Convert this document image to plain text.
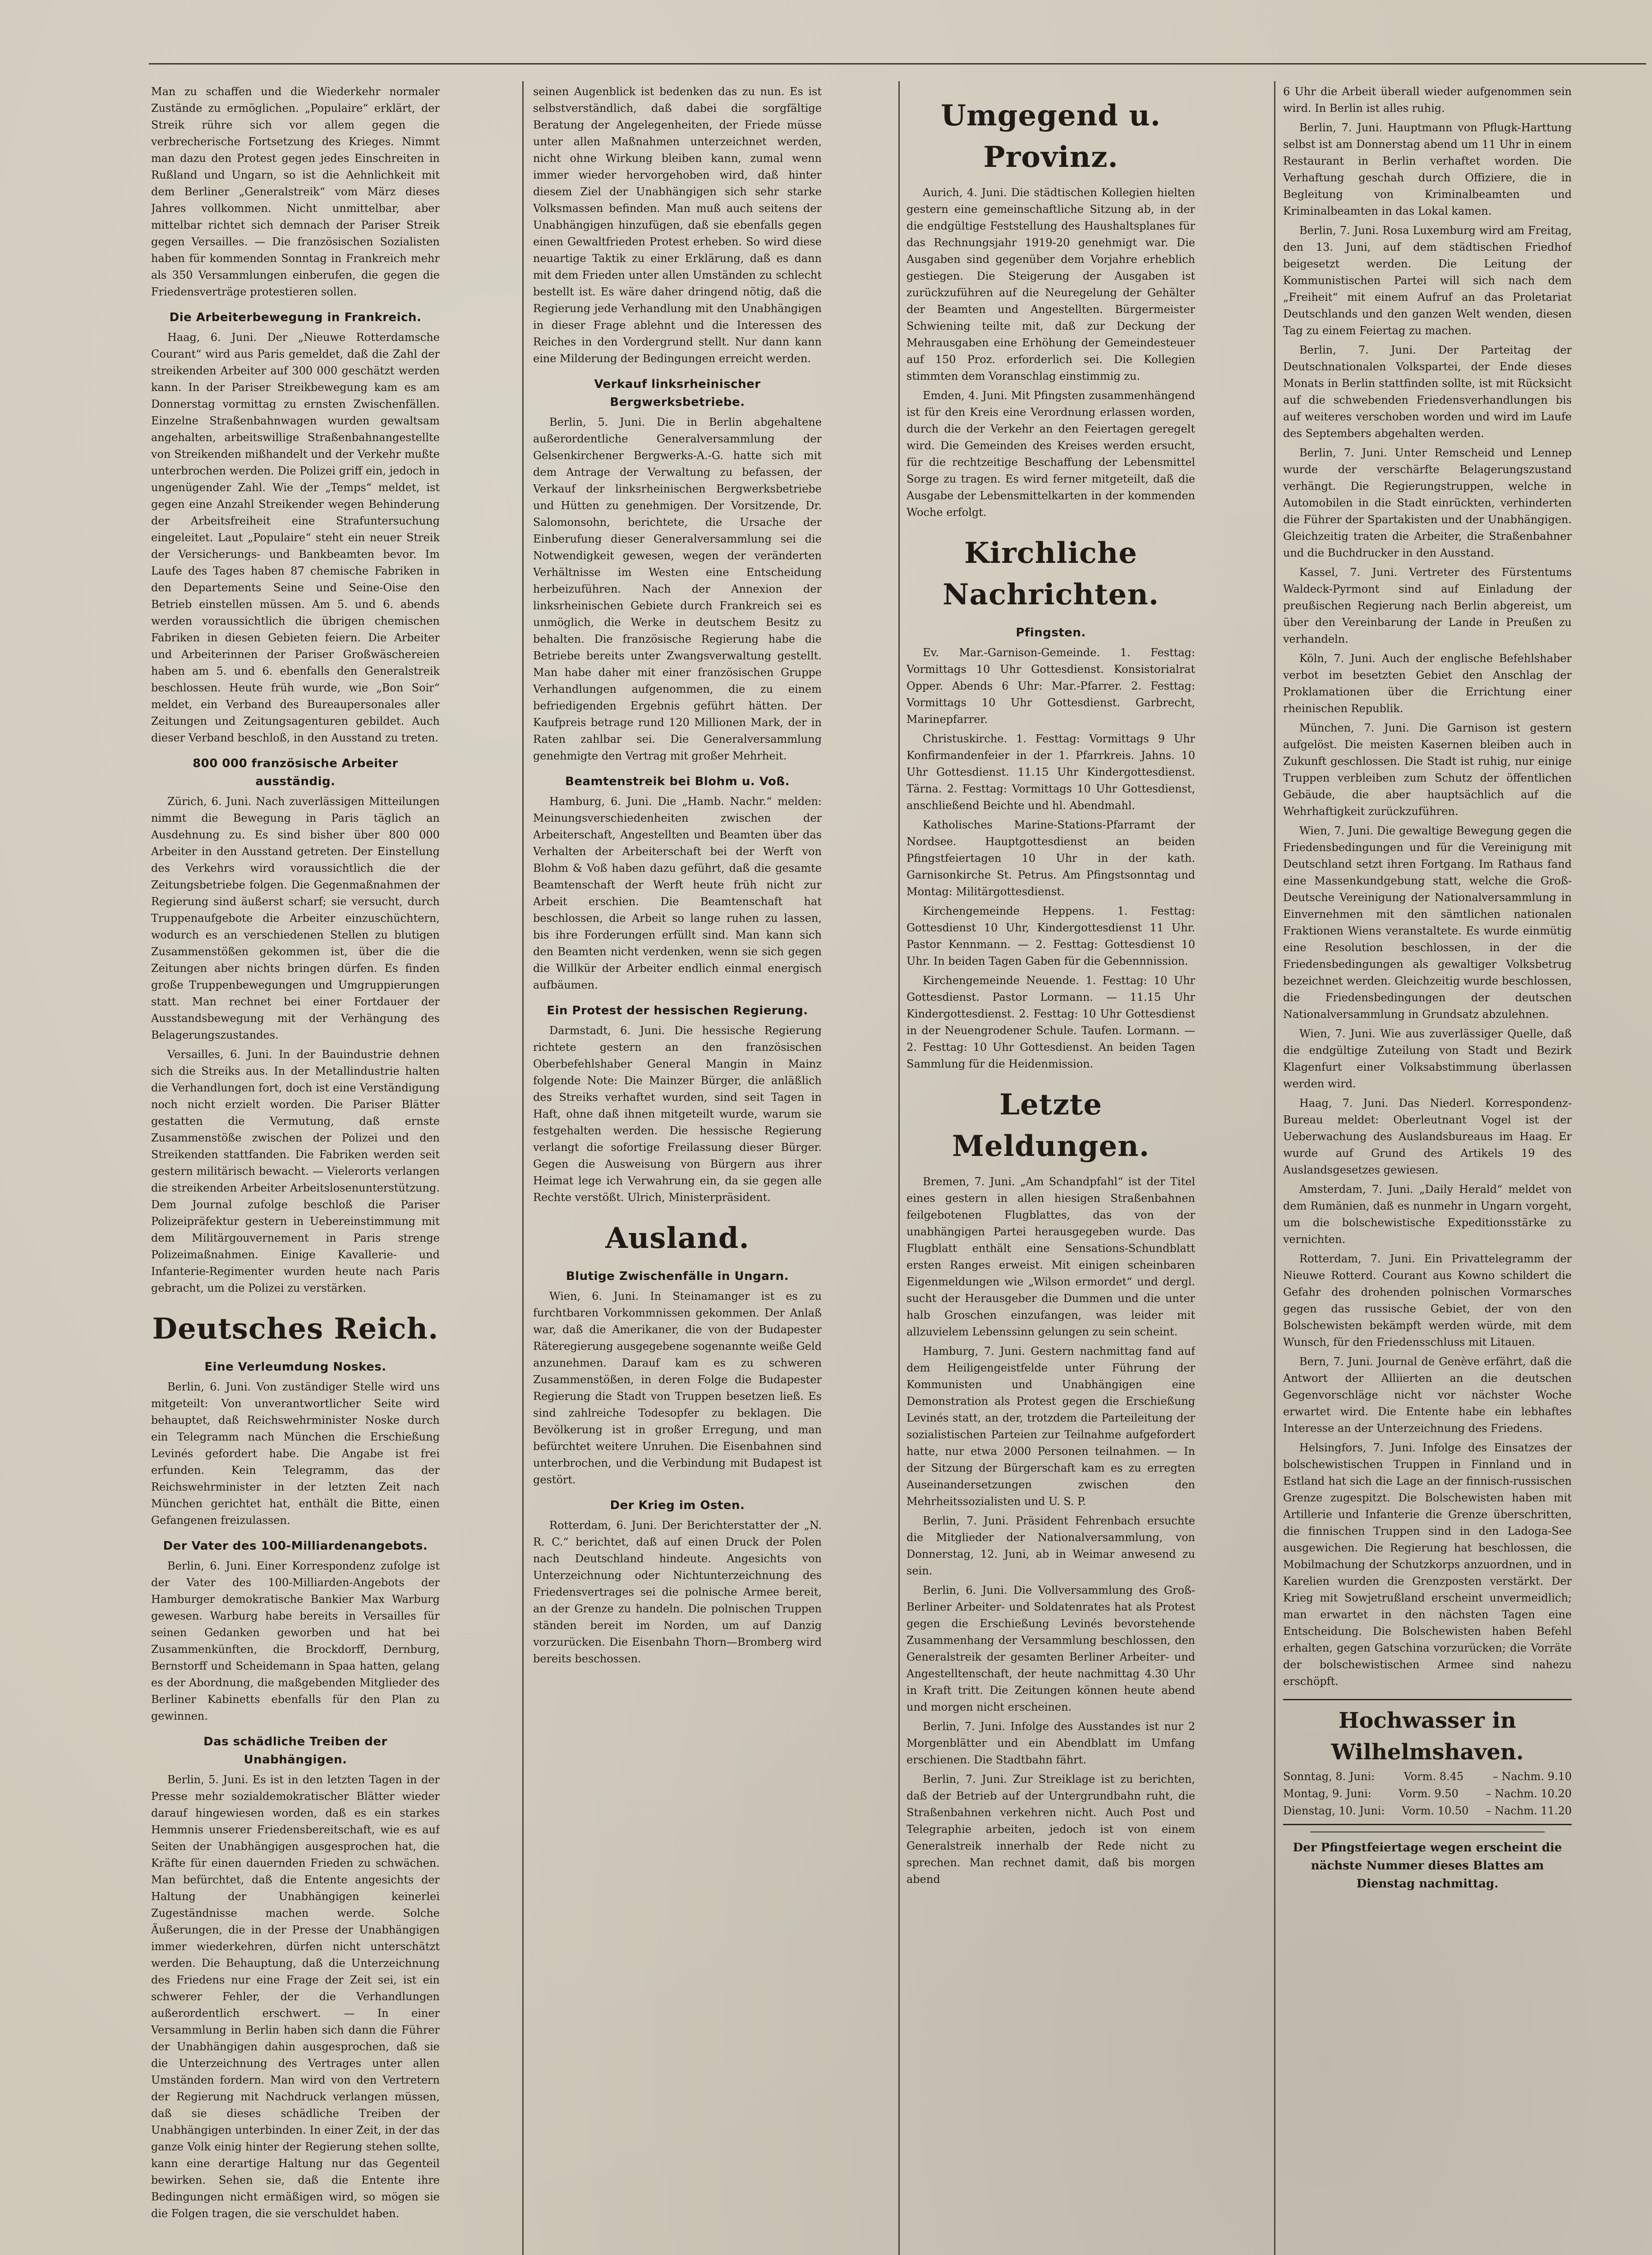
Man zu schaffen und die Wiederkehr normaler Zustände zu ermöglichen. „Populaire“ erklärt, der Streik rühre sich vor allem gegen die verbrecherische Fortsetzung des Krieges. Nimmt man dazu den Protest gegen jedes Einschreiten in Rußland und Ungarn, so ist die Aehnlichkeit mit dem Berliner „Generalstreik“ vom März dieses Jahres vollkommen. Nicht unmittelbar, aber mittelbar richtet sich demnach der Pariser Streik gegen Versailles. — Die französischen Sozialisten haben für kommenden Sonntag in Frankreich mehr als 350 Versammlungen einberufen, die gegen die Friedensverträge protestieren sollen.

Die Arbeiterbewegung in Frankreich.

Haag, 6. Juni. Der „Nieuwe Rotterdamsche Courant“ wird aus Paris gemeldet, daß die Zahl der streikenden Arbeiter auf 300 000 geschätzt werden kann. In der Pariser Streikbewegung kam es am Donnerstag vormittag zu ernsten Zwischenfällen. Einzelne Straßenbahnwagen wurden gewaltsam angehalten, arbeitswillige Straßenbahnangestellte von Streikenden mißhandelt und der Verkehr mußte unterbrochen werden. Die Polizei griff ein, jedoch in ungenügender Zahl. Wie der „Temps“ meldet, ist gegen eine Anzahl Streikender wegen Behinderung der Arbeitsfreiheit eine Strafuntersuchung eingeleitet. Laut „Populaire“ steht ein neuer Streik der Versicherungs- und Bankbeamten bevor. Im Laufe des Tages haben 87 chemische Fabriken in den Departements Seine und Seine-Oise den Betrieb einstellen müssen. Am 5. und 6. abends werden voraussichtlich die übrigen chemischen Fabriken in diesen Gebieten feiern. Die Arbeiter und Arbeiterinnen der Pariser Großwäschereien haben am 5. und 6. ebenfalls den Generalstreik beschlossen. Heute früh wurde, wie „Bon Soir“ meldet, ein Verband des Bureaupersonales aller Zeitungen und Zeitungsagenturen gebildet. Auch dieser Verband beschloß, in den Ausstand zu treten.

800 000 französische Arbeiter ausständig.

Zürich, 6. Juni. Nach zuverlässigen Mitteilungen nimmt die Bewegung in Paris täglich an Ausdehnung zu. Es sind bisher über 800 000 Arbeiter in den Ausstand getreten. Der Einstellung des Verkehrs wird voraussichtlich die der Zeitungsbetriebe folgen. Die Gegenmaßnahmen der Regierung sind äußerst scharf; sie versucht, durch Truppenaufgebote die Arbeiter einzuschüchtern, wodurch es an verschiedenen Stellen zu blutigen Zusammenstößen gekommen ist, über die die Zeitungen aber nichts bringen dürfen. Es finden große Truppenbewegungen und Umgruppierungen statt. Man rechnet bei einer Fortdauer der Ausstandsbewegung mit der Verhängung des Belagerungszustandes.

Versailles, 6. Juni. In der Bauindustrie dehnen sich die Streiks aus. In der Metallindustrie halten die Verhandlungen fort, doch ist eine Verständigung noch nicht erzielt worden. Die Pariser Blätter gestatten die Vermutung, daß ernste Zusammenstöße zwischen der Polizei und den Streikenden stattfanden. Die Fabriken werden seit gestern militärisch bewacht. — Vielerorts verlangen die streikenden Arbeiter Arbeitslosenunterstützung. Dem Journal zufolge beschloß die Pariser Polizeipräfektur gestern in Uebereinstimmung mit dem Militärgouvernement in Paris strenge Polizeimaßnahmen. Einige Kavallerie- und Infanterie-Regimenter wurden heute nach Paris gebracht, um die Polizei zu verstärken.

Deutsches Reich.
Eine Verleumdung Noskes.

Berlin, 6. Juni. Von zuständiger Stelle wird uns mitgeteilt: Von unverantwortlicher Seite wird behauptet, daß Reichswehrminister Noske durch ein Telegramm nach München die Erschießung Levinés gefordert habe. Die Angabe ist frei erfunden. Kein Telegramm, das der Reichswehrminister in der letzten Zeit nach München gerichtet hat, enthält die Bitte, einen Gefangenen freizulassen.

Der Vater des 100-Milliardenangebots.

Berlin, 6. Juni. Einer Korrespondenz zufolge ist der Vater des 100-Milliarden-Angebots der Hamburger demokratische Bankier Max Warburg gewesen. Warburg habe bereits in Versailles für seinen Gedanken geworben und hat bei Zusammenkünften, die Brockdorff, Dernburg, Bernstorff und Scheidemann in Spaa hatten, gelang es der Abordnung, die maßgebenden Mitglieder des Berliner Kabinetts ebenfalls für den Plan zu gewinnen.

Das schädliche Treiben der Unabhängigen.

Berlin, 5. Juni. Es ist in den letzten Tagen in der Presse mehr sozialdemokratischer Blätter wieder darauf hingewiesen worden, daß es ein starkes Hemmnis unserer Friedensbereitschaft, wie es auf Seiten der Unabhängigen ausgesprochen hat, die Kräfte für einen dauernden Frieden zu schwächen. Man befürchtet, daß die Entente angesichts der Haltung der Unabhängigen keinerlei Zugeständnisse machen werde. Solche Äußerungen, die in der Presse der Unabhängigen immer wiederkehren, dürfen nicht unterschätzt werden. Die Behauptung, daß die Unterzeichnung des Friedens nur eine Frage der Zeit sei, ist ein schwerer Fehler, der die Verhandlungen außerordentlich erschwert. — In einer Versammlung in Berlin haben sich dann die Führer der Unabhängigen dahin ausgesprochen, daß sie die Unterzeichnung des Vertrages unter allen Umständen fordern. Man wird von den Vertretern der Regierung mit Nachdruck verlangen müssen, daß sie dieses schädliche Treiben der Unabhängigen unterbinden. In einer Zeit, in der das ganze Volk einig hinter der Regierung stehen sollte, kann eine derartige Haltung nur das Gegenteil bewirken. Sehen sie, daß die Entente ihre Bedingungen nicht ermäßigen wird, so mögen sie die Folgen tragen, die sie verschuldet haben.

seinen Augenblick ist bedenken das zu nun. Es ist selbstverständlich, daß dabei die sorgfältige Beratung der Angelegenheiten, der Friede müsse unter allen Maßnahmen unterzeichnet werden, nicht ohne Wirkung bleiben kann, zumal wenn immer wieder hervorgehoben wird, daß hinter diesem Ziel der Unabhängigen sich sehr starke Volksmassen befinden. Man muß auch seitens der Unabhängigen hinzufügen, daß sie ebenfalls gegen einen Gewaltfrieden Protest erheben. So wird diese neuartige Taktik zu einer Erklärung, daß es dann mit dem Frieden unter allen Umständen zu schlecht bestellt ist. Es wäre daher dringend nötig, daß die Regierung jede Verhandlung mit den Unabhängigen in dieser Frage ablehnt und die Interessen des Reiches in den Vordergrund stellt. Nur dann kann eine Milderung der Bedingungen erreicht werden.

Verkauf linksrheinischer Bergwerksbetriebe.

Berlin, 5. Juni. Die in Berlin abgehaltene außerordentliche Generalversammlung der Gelsenkirchener Bergwerks-A.-G. hatte sich mit dem Antrage der Verwaltung zu befassen, der Verkauf der linksrheinischen Bergwerksbetriebe und Hütten zu genehmigen. Der Vorsitzende, Dr. Salomonsohn, berichtete, die Ursache der Einberufung dieser Generalversammlung sei die Notwendigkeit gewesen, wegen der veränderten Verhältnisse im Westen eine Entscheidung herbeizuführen. Nach der Annexion der linksrheinischen Gebiete durch Frankreich sei es unmöglich, die Werke in deutschem Besitz zu behalten. Die französische Regierung habe die Betriebe bereits unter Zwangsverwaltung gestellt. Man habe daher mit einer französischen Gruppe Verhandlungen aufgenommen, die zu einem befriedigenden Ergebnis geführt hätten. Der Kaufpreis betrage rund 120 Millionen Mark, der in Raten zahlbar sei. Die Generalversammlung genehmigte den Vertrag mit großer Mehrheit.

Beamtenstreik bei Blohm u. Voß.

Hamburg, 6. Juni. Die „Hamb. Nachr.“ melden: Meinungsverschiedenheiten zwischen der Arbeiterschaft, Angestellten und Beamten über das Verhalten der Arbeiterschaft bei der Werft von Blohm & Voß haben dazu geführt, daß die gesamte Beamtenschaft der Werft heute früh nicht zur Arbeit erschien. Die Beamtenschaft hat beschlossen, die Arbeit so lange ruhen zu lassen, bis ihre Forderungen erfüllt sind. Man kann sich den Beamten nicht verdenken, wenn sie sich gegen die Willkür der Arbeiter endlich einmal energisch aufbäumen.

Ein Protest der hessischen Regierung.

Darmstadt, 6. Juni. Die hessische Regierung richtete gestern an den französischen Oberbefehlshaber General Mangin in Mainz folgende Note: Die Mainzer Bürger, die anläßlich des Streiks verhaftet wurden, sind seit Tagen in Haft, ohne daß ihnen mitgeteilt wurde, warum sie festgehalten werden. Die hessische Regierung verlangt die sofortige Freilassung dieser Bürger. Gegen die Ausweisung von Bürgern aus ihrer Heimat lege ich Verwahrung ein, da sie gegen alle Rechte verstößt. Ulrich, Ministerpräsident.

Ausland.
Blutige Zwischenfälle in Ungarn.

Wien, 6. Juni. In Steinamanger ist es zu furchtbaren Vorkommnissen gekommen. Der Anlaß war, daß die Amerikaner, die von der Budapester Räteregierung ausgegebene sogenannte weiße Geld anzunehmen. Darauf kam es zu schweren Zusammenstößen, in deren Folge die Budapester Regierung die Stadt von Truppen besetzen ließ. Es sind zahlreiche Todesopfer zu beklagen. Die Bevölkerung ist in großer Erregung, und man befürchtet weitere Unruhen. Die Eisenbahnen sind unterbrochen, und die Verbindung mit Budapest ist gestört.

Der Krieg im Osten.

Rotterdam, 6. Juni. Der Berichterstatter der „N. R. C.“ berichtet, daß auf einen Druck der Polen nach Deutschland hindeute. Angesichts von Unterzeichnung oder Nichtunterzeichnung des Friedensvertrages sei die polnische Armee bereit, an der Grenze zu handeln. Die polnischen Truppen ständen bereit im Norden, um auf Danzig vorzurücken. Die Eisenbahn Thorn—Bromberg wird bereits beschossen.

Umgegend u. Provinz.

Aurich, 4. Juni. Die städtischen Kollegien hielten gestern eine gemeinschaftliche Sitzung ab, in der die endgültige Feststellung des Haushaltsplanes für das Rechnungsjahr 1919-20 genehmigt war. Die Ausgaben sind gegenüber dem Vorjahre erheblich gestiegen. Die Steigerung der Ausgaben ist zurückzuführen auf die Neuregelung der Gehälter der Beamten und Angestellten. Bürgermeister Schwiening teilte mit, daß zur Deckung der Mehrausgaben eine Erhöhung der Gemeindesteuer auf 150 Proz. erforderlich sei. Die Kollegien stimmten dem Voranschlag einstimmig zu.

Emden, 4. Juni. Mit Pfingsten zusammenhängend ist für den Kreis eine Verordnung erlassen worden, durch die der Verkehr an den Feiertagen geregelt wird. Die Gemeinden des Kreises werden ersucht, für die rechtzeitige Beschaffung der Lebensmittel Sorge zu tragen. Es wird ferner mitgeteilt, daß die Ausgabe der Lebensmittelkarten in der kommenden Woche erfolgt.

Kirchliche Nachrichten.
Pfingsten.

Ev. Mar.-Garnison-Gemeinde. 1. Festtag: Vormittags 10 Uhr Gottesdienst. Konsistorialrat Opper. Abends 6 Uhr: Mar.-Pfarrer. 2. Festtag: Vormittags 10 Uhr Gottesdienst. Garbrecht, Marinepfarrer.

Christuskirche. 1. Festtag: Vormittags 9 Uhr Konfirmandenfeier in der 1. Pfarrkreis. Jahns. 10 Uhr Gottesdienst. 11.15 Uhr Kindergottesdienst. Tärna. 2. Festtag: Vormittags 10 Uhr Gottesdienst, anschließend Beichte und hl. Abendmahl.

Katholisches Marine-Stations-Pfarramt der Nordsee. Hauptgottesdienst an beiden Pfingstfeiertagen 10 Uhr in der kath. Garnisonkirche St. Petrus. Am Pfingstsonntag und Montag: Militärgottesdienst.

Kirchengemeinde Heppens. 1. Festtag: Gottesdienst 10 Uhr, Kindergottesdienst 11 Uhr. Pastor Kennmann. — 2. Festtag: Gottesdienst 10 Uhr. In beiden Tagen Gaben für die Gebennnission.

Kirchengemeinde Neuende. 1. Festtag: 10 Uhr Gottesdienst. Pastor Lormann. — 11.15 Uhr Kindergottesdienst. 2. Festtag: 10 Uhr Gottesdienst in der Neuengrodener Schule. Taufen. Lormann. — 2. Festtag: 10 Uhr Gottesdienst. An beiden Tagen Sammlung für die Heidenmission.

Letzte Meldungen.

Bremen, 7. Juni. „Am Schandpfahl“ ist der Titel eines gestern in allen hiesigen Straßenbahnen feilgebotenen Flugblattes, das von der unabhängigen Partei herausgegeben wurde. Das Flugblatt enthält eine Sensations-Schundblatt ersten Ranges erweist. Mit einigen scheinbaren Eigenmeldungen wie „Wilson ermordet“ und dergl. sucht der Herausgeber die Dummen und die unter halb Groschen einzufangen, was leider mit allzuvielem Lebenssinn gelungen zu sein scheint.

Hamburg, 7. Juni. Gestern nachmittag fand auf dem Heiligengeistfelde unter Führung der Kommunisten und Unabhängigen eine Demonstration als Protest gegen die Erschießung Levinés statt, an der, trotzdem die Parteileitung der sozialistischen Parteien zur Teilnahme aufgefordert hatte, nur etwa 2000 Personen teilnahmen. — In der Sitzung der Bürgerschaft kam es zu erregten Auseinandersetzungen zwischen den Mehrheitssozialisten und U. S. P.

Berlin, 7. Juni. Präsident Fehrenbach ersuchte die Mitglieder der Nationalversammlung, von Donnerstag, 12. Juni, ab in Weimar anwesend zu sein.

Berlin, 6. Juni. Die Vollversammlung des Groß-Berliner Arbeiter- und Soldatenrates hat als Protest gegen die Erschießung Levinés bevorstehende Zusammenhang der Versammlung beschlossen, den Generalstreik der gesamten Berliner Arbeiter- und Angestelltenschaft, der heute nachmittag 4.30 Uhr in Kraft tritt. Die Zeitungen können heute abend und morgen nicht erscheinen.

Berlin, 7. Juni. Infolge des Ausstandes ist nur 2 Morgenblätter und ein Abendblatt im Umfang erschienen. Die Stadtbahn fährt.

Berlin, 7. Juni. Zur Streiklage ist zu berichten, daß der Betrieb auf der Untergrundbahn ruht, die Straßenbahnen verkehren nicht. Auch Post und Telegraphie arbeiten, jedoch ist von einem Generalstreik innerhalb der Rede nicht zu sprechen. Man rechnet damit, daß bis morgen abend

6 Uhr die Arbeit überall wieder aufgenommen sein wird. In Berlin ist alles ruhig.

Berlin, 7. Juni. Hauptmann von Pflugk-Harttung selbst ist am Donnerstag abend um 11 Uhr in einem Restaurant in Berlin verhaftet worden. Die Verhaftung geschah durch Offiziere, die in Begleitung von Kriminalbeamten und Kriminalbeamten in das Lokal kamen.

Berlin, 7. Juni. Rosa Luxemburg wird am Freitag, den 13. Juni, auf dem städtischen Friedhof beigesetzt werden. Die Leitung der Kommunistischen Partei will sich nach dem „Freiheit“ mit einem Aufruf an das Proletariat Deutschlands und den ganzen Welt wenden, diesen Tag zu einem Feiertag zu machen.

Berlin, 7. Juni. Der Parteitag der Deutschnationalen Volkspartei, der Ende dieses Monats in Berlin stattfinden sollte, ist mit Rücksicht auf die schwebenden Friedensverhandlungen bis auf weiteres verschoben worden und wird im Laufe des Septembers abgehalten werden.

Berlin, 7. Juni. Unter Remscheid und Lennep wurde der verschärfte Belagerungszustand verhängt. Die Regierungstruppen, welche in Automobilen in die Stadt einrückten, verhinderten die Führer der Spartakisten und der Unabhängigen. Gleichzeitig traten die Arbeiter, die Straßenbahner und die Buchdrucker in den Ausstand.

Kassel, 7. Juni. Vertreter des Fürstentums Waldeck-Pyrmont sind auf Einladung der preußischen Regierung nach Berlin abgereist, um über den Vereinbarung der Lande in Preußen zu verhandeln.

Köln, 7. Juni. Auch der englische Befehlshaber verbot im besetzten Gebiet den Anschlag der Proklamationen über die Errichtung einer rheinischen Republik.

München, 7. Juni. Die Garnison ist gestern aufgelöst. Die meisten Kasernen bleiben auch in Zukunft geschlossen. Die Stadt ist ruhig, nur einige Truppen verbleiben zum Schutz der öffentlichen Gebäude, die aber hauptsächlich auf die Wehrhaftigkeit zurückzuführen.

Wien, 7. Juni. Die gewaltige Bewegung gegen die Friedensbedingungen und für die Vereinigung mit Deutschland setzt ihren Fortgang. Im Rathaus fand eine Massenkundgebung statt, welche die Groß-Deutsche Vereinigung der Nationalversammlung in Einvernehmen mit den sämtlichen nationalen Fraktionen Wiens veranstaltete. Es wurde einmütig eine Resolution beschlossen, in der die Friedensbedingungen als gewaltiger Volksbetrug bezeichnet werden. Gleichzeitig wurde beschlossen, die Friedensbedingungen der deutschen Nationalversammlung in Grundsatz abzulehnen.

Wien, 7. Juni. Wie aus zuverlässiger Quelle, daß die endgültige Zuteilung von Stadt und Bezirk Klagenfurt einer Volksabstimmung überlassen werden wird.

Haag, 7. Juni. Das Niederl. Korrespondenz-Bureau meldet: Oberleutnant Vogel ist der Ueberwachung des Auslandsbureaus im Haag. Er wurde auf Grund des Artikels 19 des Auslandsgesetzes gewiesen.

Amsterdam, 7. Juni. „Daily Herald“ meldet von dem Rumänien, daß es nunmehr in Ungarn vorgeht, um die bolschewistische Expeditionsstärke zu vernichten.

Rotterdam, 7. Juni. Ein Privattelegramm der Nieuwe Rotterd. Courant aus Kowno schildert die Gefahr des drohenden polnischen Vormarsches gegen das russische Gebiet, der von den Bolschewisten bekämpft werden würde, mit dem Wunsch, für den Friedensschluss mit Litauen.

Bern, 7. Juni. Journal de Genève erfährt, daß die Antwort der Alliierten an die deutschen Gegenvorschläge nicht vor nächster Woche erwartet wird. Die Entente habe ein lebhaftes Interesse an der Unterzeichnung des Friedens.

Helsingfors, 7. Juni. Infolge des Einsatzes der bolschewistischen Truppen in Finnland und in Estland hat sich die Lage an der finnisch-russischen Grenze zugespitzt. Die Bolschewisten haben mit Artillerie und Infanterie die Grenze überschritten, die finnischen Truppen sind in den Ladoga-See ausgewichen. Die Regierung hat beschlossen, die Mobilmachung der Schutzkorps anzuordnen, und in Karelien wurden die Grenzposten verstärkt. Der Krieg mit Sowjetrußland erscheint unvermeidlich; man erwartet in den nächsten Tagen eine Entscheidung. Die Bolschewisten haben Befehl erhalten, gegen Gatschina vorzurücken; die Vorräte der bolschewistischen Armee sind nahezu erschöpft.

Hochwasser in Wilhelmshaven.
Sonntag, 8. Juni:	Vorm. 8.45	– Nachm. 9.10
Montag, 9. Juni:	Vorm. 9.50	– Nachm. 10.20
Dienstag, 10. Juni: Vorm. 10.50 – Nachm. 11.20
Der Pfingstfeiertage wegen erscheint die nächste Nummer dieses Blattes am Dienstag nachmittag.
